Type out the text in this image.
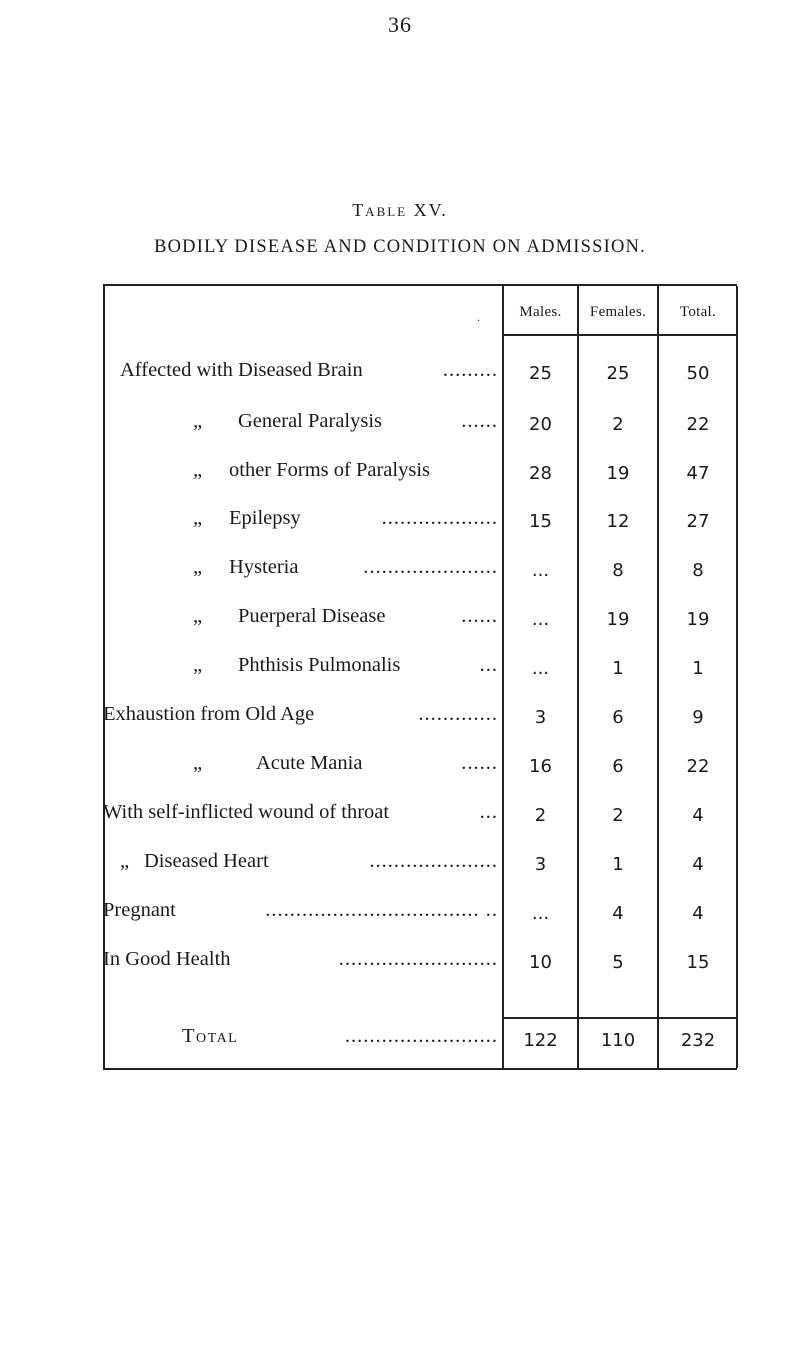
36
Table XV.
BODILY DISEASE AND CONDITION ON ADMISSION.
.	Males.	Females.	Total.
Affected with Diseased Brain	.........	25	25	50
„ General Paralysis	......	20	2	22
„ other Forms of Paralysis	28	19	47
„ Epilepsy	...................	15	12	27
„ Hysteria	......................	...	8	8
„ Puerperal Disease	......	...	19	19
„ Phthisis Pulmonalis	...	...	1	1
Exhaustion from Old Age	.............	3	6	9
„	Acute Mania	......	16	6	22
With self-inflicted wound of throat	...	2	2	4
„ Diseased Heart	.....................	3	1	4
Pregnant	................................... ..	...	4	4
In Good Health	..........................	10	5	15
Total	.........................	122	110	232
